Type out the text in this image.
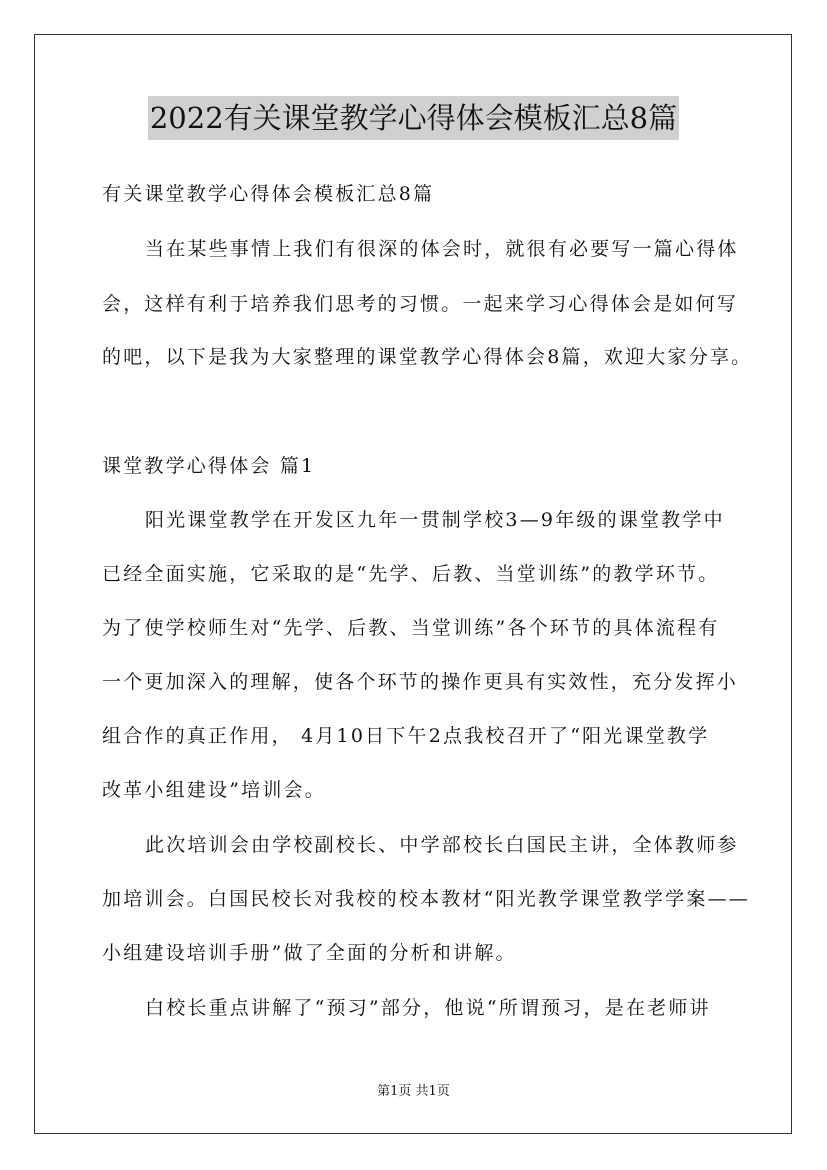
2022有关课堂教学心得体会模板汇总8篇
有关课堂教学心得体会模板汇总8篇
当在某些事情上我们有很深的体会时，就很有必要写一篇心得体
会，这样有利于培养我们思考的习惯。一起来学习心得体会是如何写
的吧，以下是我为大家整理的课堂教学心得体会8篇，欢迎大家分享。
课堂教学心得体会 篇1
阳光课堂教学在开发区九年一贯制学校3—9年级的课堂教学中
已经全面实施，它采取的是“先学、后教、当堂训练”的教学环节。
为了使学校师生对“先学、后教、当堂训练”各个环节的具体流程有
一个更加深入的理解，使各个环节的操作更具有实效性，充分发挥小
组合作的真正作用， 4月10日下午2点我校召开了“阳光课堂教学
改革小组建设”培训会。
此次培训会由学校副校长、中学部校长白国民主讲，全体教师参
加培训会。白国民校长对我校的校本教材“阳光教学课堂教学学案——
小组建设培训手册”做了全面的分析和讲解。
白校长重点讲解了“预习”部分，他说“所谓预习，是在老师讲
第1页 共1页
